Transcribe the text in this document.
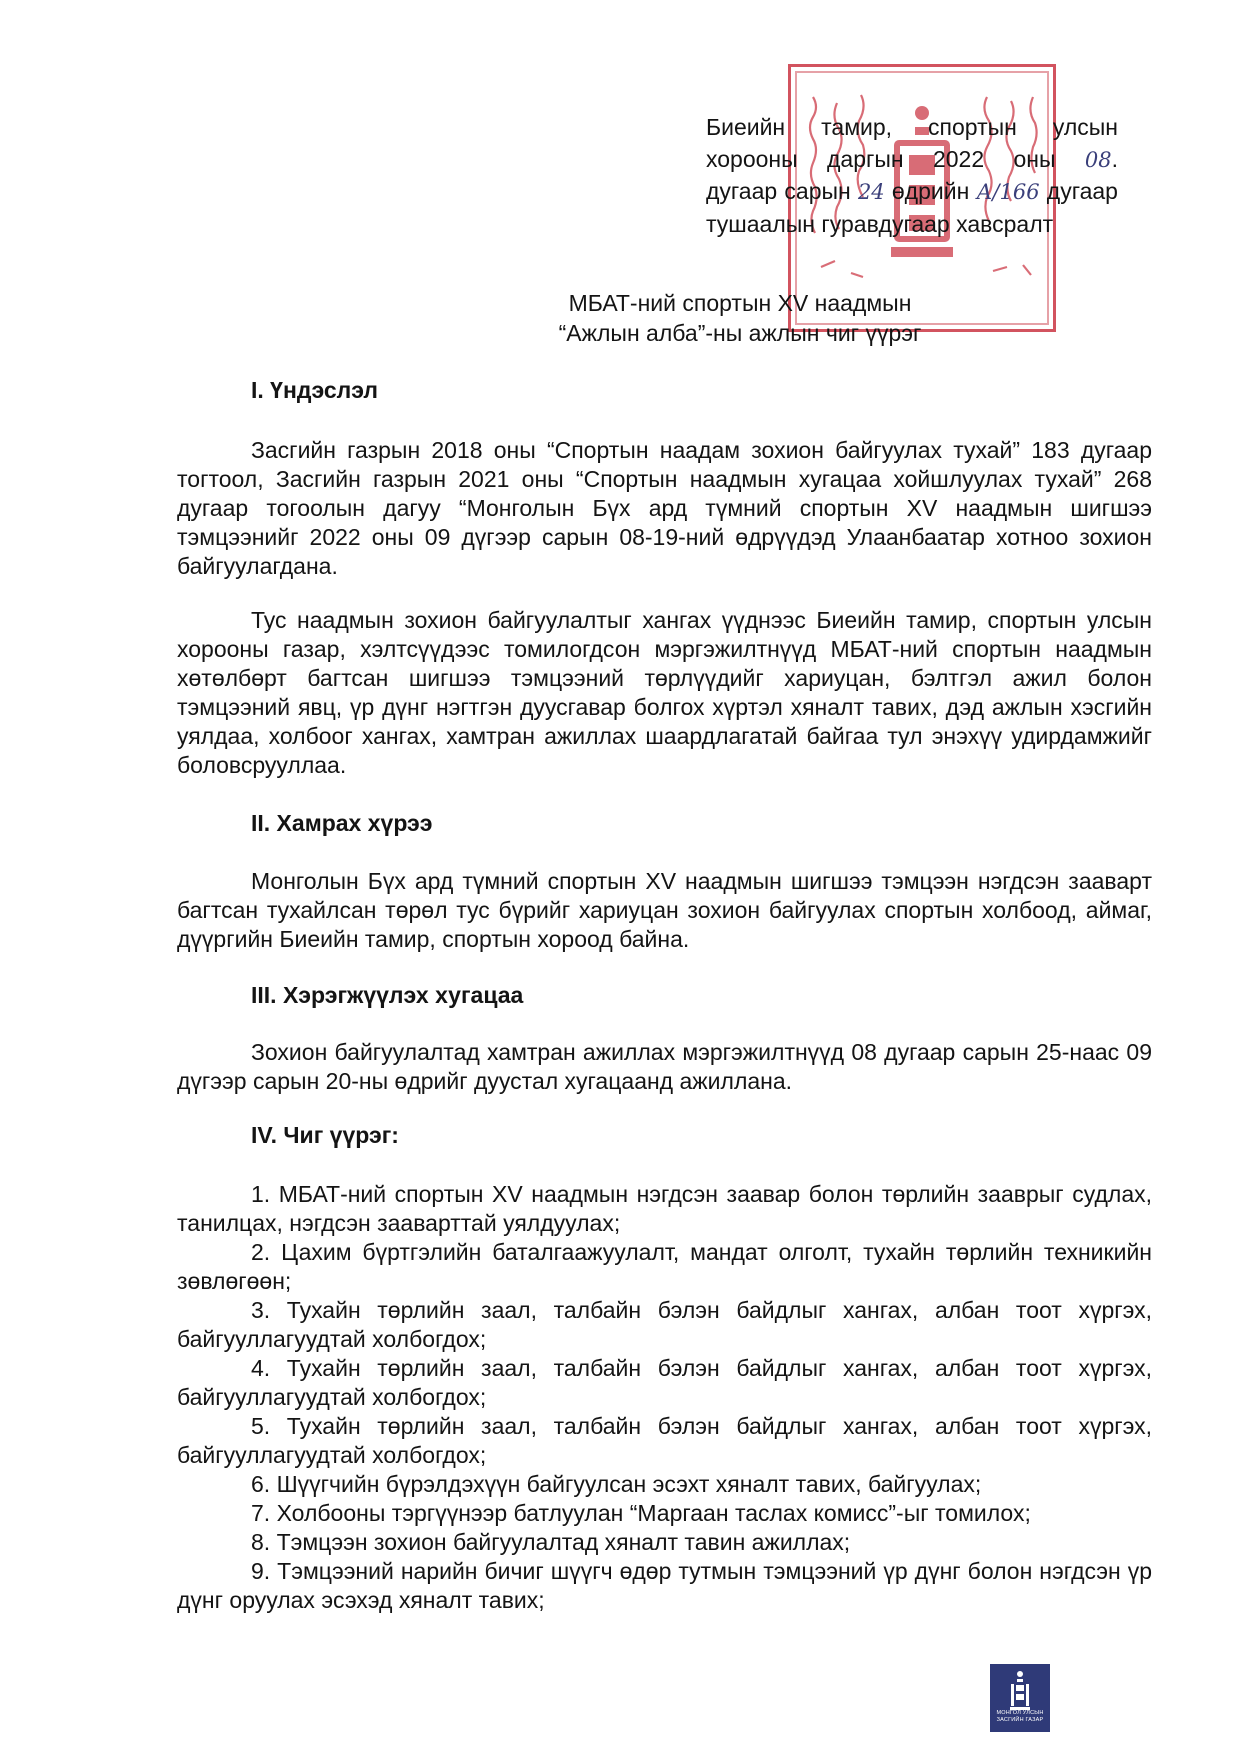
Биеийн тамир, спортын улсын
хорооны даргын 2022 оны 08.
дугаар сарын 24 өдрийн А/166 дугаар
тушаалын гуравдугаар хавсралт
МБАТ-ний спортын XV наадмын
“Ажлын алба”-ны ажлын чиг үүрэг
I. Үндэслэл

Засгийн газрын 2018 оны “Спортын наадам зохион байгуулах тухай” 183 дугаар тогтоол, Засгийн газрын 2021 оны “Спортын наадмын хугацаа хойшлуулах тухай” 268 дугаар тогоолын дагуу “Монголын Бүх ард түмний спортын XV наадмын шигшээ тэмцээнийг 2022 оны 09 дүгээр сарын 08-19-ний өдрүүдэд Улаанбаатар хотноо зохион байгуулагдана.

Тус наадмын зохион байгуулалтыг хангах үүднээс Биеийн тамир, спортын улсын хорооны газар, хэлтсүүдээс томилогдсон мэргэжилтнүүд МБАТ-ний спортын наадмын хөтөлбөрт багтсан шигшээ тэмцээний төрлүүдийг хариуцан, бэлтгэл ажил болон тэмцээний явц, үр дүнг нэгтгэн дуусгавар болгох хүртэл хяналт тавих, дэд ажлын хэсгийн уялдаа, холбоог хангах, хамтран ажиллах шаардлагатай байгаа тул энэхүү удирдамжийг боловсрууллаа.

II. Хамрах хүрээ

Монголын Бүх ард түмний спортын XV наадмын шигшээ тэмцээн нэгдсэн зааварт багтсан тухайлсан төрөл тус бүрийг хариуцан зохион байгуулах спортын холбоод, аймаг, дүүргийн Биеийн тамир, спортын хороод байна.

III. Хэрэгжүүлэх хугацаа

Зохион байгуулалтад хамтран ажиллах мэргэжилтнүүд 08 дугаар сарын 25-наас 09 дүгээр сарын 20-ны өдрийг дуустал хугацаанд ажиллана.

IV. Чиг үүрэг:

1. МБАТ-ний спортын XV наадмын нэгдсэн заавар болон төрлийн зааврыг судлах, танилцах, нэгдсэн зааварттай уялдуулах;

2. Цахим бүртгэлийн баталгаажуулалт, мандат олголт, тухайн төрлийн техникийн зөвлөгөөн;

3. Тухайн төрлийн заал, талбайн бэлэн байдлыг хангах, албан тоот хүргэх, байгууллагуудтай холбогдох;

4. Тухайн төрлийн заал, талбайн бэлэн байдлыг хангах, албан тоот хүргэх, байгууллагуудтай холбогдох;

5. Тухайн төрлийн заал, талбайн бэлэн байдлыг хангах, албан тоот хүргэх, байгууллагуудтай холбогдох;

6. Шүүгчийн бүрэлдэхүүн байгуулсан эсэхт хяналт тавих, байгуулах;

7. Холбооны тэргүүнээр батлуулан “Маргаан таслах комисс”-ыг томилох;

8. Тэмцээн зохион байгуулалтад хяналт тавин ажиллах;

9. Тэмцээний нарийн бичиг шүүгч өдөр тутмын тэмцээний үр дүнг болон нэгдсэн үр дүнг оруулах эсэхэд хяналт тавих;

МОНГОЛ УЛСЫН
ЗАСГИЙН ГАЗАР
